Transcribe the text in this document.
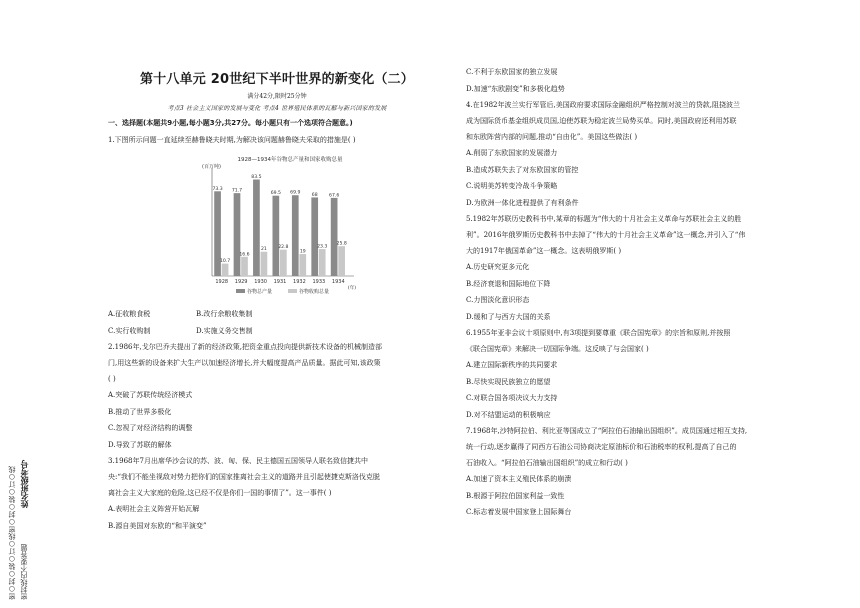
密○封○装○订○线密○封○装○订○线 密封线内不要答题
姓名班级考号
第十八单元 20世纪下半叶世界的新变化（二）
满分42分,限时25分钟
考点3 社会主义国家的发展与变化 考点4 世界殖民体系的瓦解与新兴国家的发展
一、选择题(本题共9小题,每小题3分,共27分。每小题只有一个选项符合题意。)

1.下图所示问题一直延续至赫鲁晓夫时期,为解决该问题赫鲁晓夫采取的措施是( )

1928—1934年谷物总产量和国家收购总量
(百万吨)
73.3
10.7
1928
71.7
16.6
1929
83.5
21
1930
69.5
22.8
1931
69.9
19
1932
68
23.3
1933
67.6
25.8
1934
(年)
谷物总产量	谷物收购总量
A.征收粮食税	B.改行余粮收集制
C.实行收购制	D.实施义务交售制

2.1986年,戈尔巴乔夫提出了新的经济政策,把资金重点投向提供新技术设备的机械制造部

门,用这些新的设备来扩大生产以加速经济增长,并大幅度提高产品质量。据此可知,该政策

( )

A.突破了苏联传统经济模式

B.推动了世界多极化

C.忽视了对经济结构的调整

D.导致了苏联的解体

3.1968年7月出席华沙会议的苏、波、匈、保、民主德国五国领导人联名致信捷共中

央:“我们不能坐视敌对势力把你们的国家推离社会主义的道路并且引起使捷克斯洛伐克脱

离社会主义大家庭的危险,这已经不仅是你们一国的事情了”。这一事件( )

A.表明社会主义阵营开始瓦解

B.源自美国对东欧的“和平演变”

C.不利于东欧国家的独立发展

D.加速“东欧剧变”和多极化趋势

4.在1982年波兰实行军管后,美国政府要求国际金融组织严格控制对波兰的贷款,阻挠波兰

成为国际货币基金组织成员国,迫使苏联为稳定波兰局势买单。同时,美国政府还利用苏联

和东欧阵营内部的问题,推动“自由化”。美国这些做法( )

A.削弱了东欧国家的发展潜力

B.造成苏联失去了对东欧国家的管控

C.说明美苏转变冷战斗争策略

D.为欧洲一体化进程提供了有利条件

5.1982年苏联历史教科书中,某章的标题为“伟大的十月社会主义革命与苏联社会主义的胜

利”。2016年俄罗斯历史教科书中去掉了“伟大的十月社会主义革命”这一概念,并引入了“伟

大的1917年俄国革命”这一概念。这表明俄罗斯( )

A.历史研究更多元化

B.经济衰退和国际地位下降

C.力图淡化意识形态

D.缓和了与西方大国的关系

6.1955年亚非会议十项原则中,有3项提到要尊重《联合国宪章》的宗旨和原则,并按照

《联合国宪章》来解决一切国际争端。这反映了与会国家( )

A.建立国际新秩序的共同要求

B.尽快实现民族独立的愿望

C.对联合国各项决议大力支持

D.对不结盟运动的积极响应

7.1968年,沙特阿拉伯、利比亚等国成立了“阿拉伯石油输出国组织”。成员国通过相互支持,

统一行动,逐步赢得了同西方石油公司协商决定原油标价和石油税率的权利,提高了自己的

石油收入。“阿拉伯石油输出国组织”的成立和行动( )

A.加速了资本主义殖民体系的崩溃

B.根源于阿拉伯国家利益一致性

C.标志着发展中国家登上国际舞台
